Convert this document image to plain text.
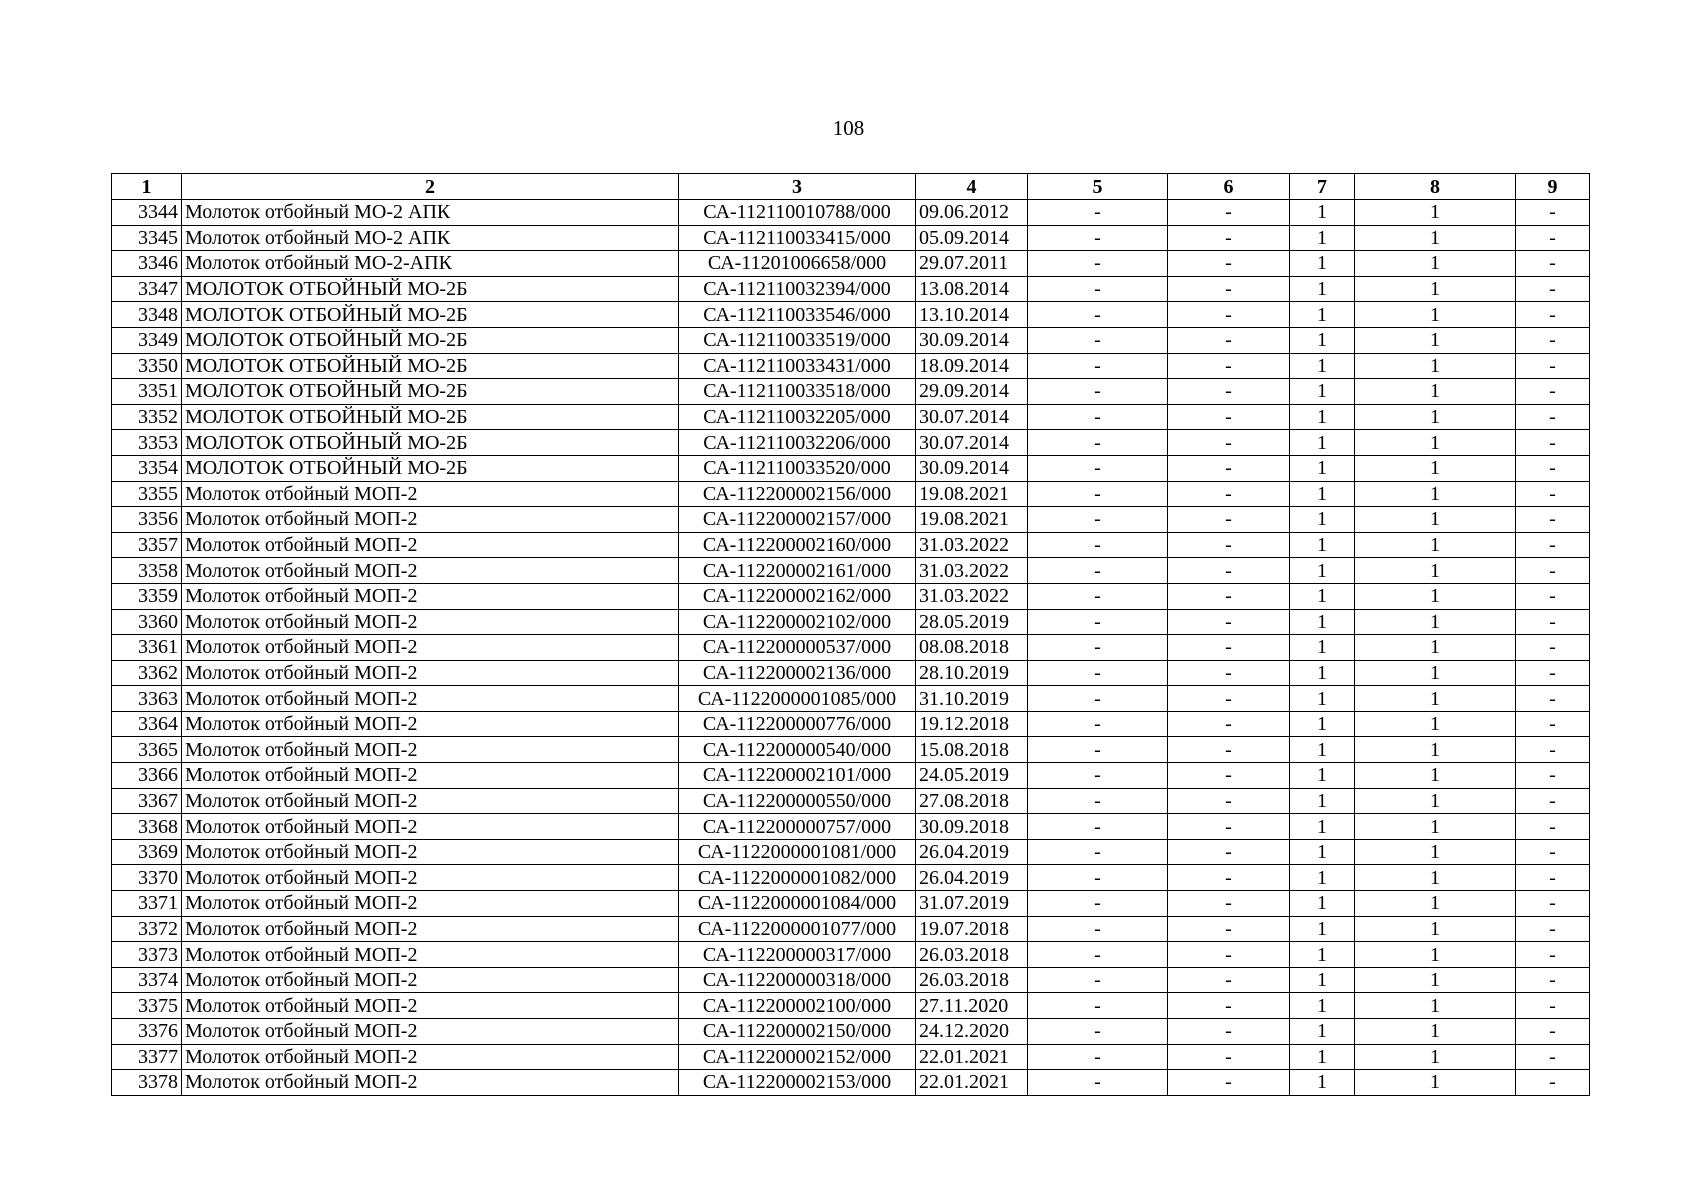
108
1	2	3	4	5	6	7	8	9
3344	Молоток отбойный МО-2 АПК	СА-112110010788/000	09.06.2012	-	-	1	1	-
3345	Молоток отбойный МО-2 АПК	СА-112110033415/000	05.09.2014	-	-	1	1	-
3346	Молоток отбойный МО-2-АПК	СА-11201006658/000	29.07.2011	-	-	1	1	-
3347	МОЛОТОК ОТБОЙНЫЙ МО-2Б	СА-112110032394/000	13.08.2014	-	-	1	1	-
3348	МОЛОТОК ОТБОЙНЫЙ МО-2Б	СА-112110033546/000	13.10.2014	-	-	1	1	-
3349	МОЛОТОК ОТБОЙНЫЙ МО-2Б	СА-112110033519/000	30.09.2014	-	-	1	1	-
3350	МОЛОТОК ОТБОЙНЫЙ МО-2Б	СА-112110033431/000	18.09.2014	-	-	1	1	-
3351	МОЛОТОК ОТБОЙНЫЙ МО-2Б	СА-112110033518/000	29.09.2014	-	-	1	1	-
3352	МОЛОТОК ОТБОЙНЫЙ МО-2Б	СА-112110032205/000	30.07.2014	-	-	1	1	-
3353	МОЛОТОК ОТБОЙНЫЙ МО-2Б	СА-112110032206/000	30.07.2014	-	-	1	1	-
3354	МОЛОТОК ОТБОЙНЫЙ МО-2Б	СА-112110033520/000	30.09.2014	-	-	1	1	-
3355	Молоток отбойный МОП-2	СА-112200002156/000	19.08.2021	-	-	1	1	-
3356	Молоток отбойный МОП-2	СА-112200002157/000	19.08.2021	-	-	1	1	-
3357	Молоток отбойный МОП-2	СА-112200002160/000	31.03.2022	-	-	1	1	-
3358	Молоток отбойный МОП-2	СА-112200002161/000	31.03.2022	-	-	1	1	-
3359	Молоток отбойный МОП-2	СА-112200002162/000	31.03.2022	-	-	1	1	-
3360	Молоток отбойный МОП-2	СА-112200002102/000	28.05.2019	-	-	1	1	-
3361	Молоток отбойный МОП-2	СА-112200000537/000	08.08.2018	-	-	1	1	-
3362	Молоток отбойный МОП-2	СА-112200002136/000	28.10.2019	-	-	1	1	-
3363	Молоток отбойный МОП-2	СА-1122000001085/000	31.10.2019	-	-	1	1	-
3364	Молоток отбойный МОП-2	СА-112200000776/000	19.12.2018	-	-	1	1	-
3365	Молоток отбойный МОП-2	СА-112200000540/000	15.08.2018	-	-	1	1	-
3366	Молоток отбойный МОП-2	СА-112200002101/000	24.05.2019	-	-	1	1	-
3367	Молоток отбойный МОП-2	СА-112200000550/000	27.08.2018	-	-	1	1	-
3368	Молоток отбойный МОП-2	СА-112200000757/000	30.09.2018	-	-	1	1	-
3369	Молоток отбойный МОП-2	СА-1122000001081/000	26.04.2019	-	-	1	1	-
3370	Молоток отбойный МОП-2	СА-1122000001082/000	26.04.2019	-	-	1	1	-
3371	Молоток отбойный МОП-2	СА-1122000001084/000	31.07.2019	-	-	1	1	-
3372	Молоток отбойный МОП-2	СА-1122000001077/000	19.07.2018	-	-	1	1	-
3373	Молоток отбойный МОП-2	СА-112200000317/000	26.03.2018	-	-	1	1	-
3374	Молоток отбойный МОП-2	СА-112200000318/000	26.03.2018	-	-	1	1	-
3375	Молоток отбойный МОП-2	СА-112200002100/000	27.11.2020	-	-	1	1	-
3376	Молоток отбойный МОП-2	СА-112200002150/000	24.12.2020	-	-	1	1	-
3377	Молоток отбойный МОП-2	СА-112200002152/000	22.01.2021	-	-	1	1	-
3378	Молоток отбойный МОП-2	СА-112200002153/000	22.01.2021	-	-	1	1	-
